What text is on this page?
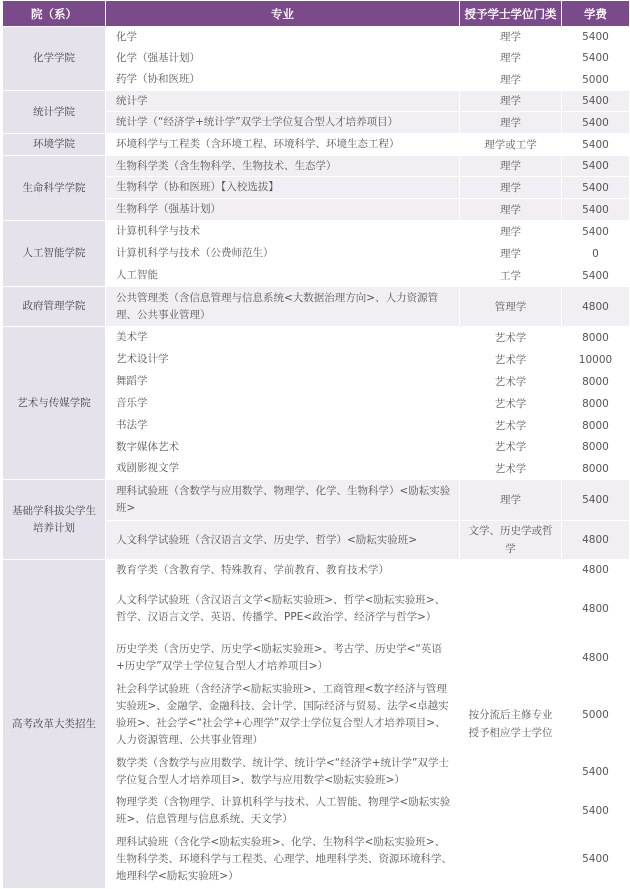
院（系）	专业	授予学士学位门类	学费
化学学院	化学	理学	5400
	化学（强基计划）	理学	5400
	药学（协和医班）	理学	5000
统计学院	统计学	理学	5400
	统计学（“经济学+统计学”双学士学位复合型人才培养项目）	理学	5400
环境学院	环境科学与工程类（含环境工程、环境科学、环境生态工程）	理学或工学	5400
生命科学学院	生物科学类（含生物科学、生物技术、生态学）	理学	5400
	生物科学（协和医班）【入校选拔】	理学	5400
	生物科学（强基计划）	理学	5400
人工智能学院	计算机科学与技术	理学	5400
	计算机科学与技术（公费师范生）	理学	0
	人工智能	工学	5400
政府管理学院	公共管理类（含信息管理与信息系统<大数据治理方向>、人力资源管理、公共事业管理）	管理学	4800
艺术与传媒学院	美术学	艺术学	8000
	艺术设计学	艺术学	10000
	舞蹈学	艺术学	8000
	音乐学	艺术学	8000
	书法学	艺术学	8000
	数字媒体艺术	艺术学	8000
	戏剧影视文学	艺术学	8000
基础学科拔尖学生培养计划	理科试验班（含数学与应用数学、物理学、化学、生物科学）<励耘实验班>	理学	5400
	人文科学试验班（含汉语言文学、历史学、哲学）<励耘实验班>	文学、历史学或哲学	4800
高考改革大类招生	教育学类（含教育学、特殊教育、学前教育、教育技术学）	按分流后主修专业授予相应学士学位	4800
	人文科学试验班（含汉语言文学<励耘实验班>、哲学<励耘实验班>、哲学、汉语言文学、英语、传播学、PPE<政治学、经济学与哲学>）		4800
	历史学类（含历史学、历史学<励耘实验班>、考古学、历史学<“英语+历史学”双学士学位复合型人才培养项目>）		4800
	社会科学试验班（含经济学<励耘实验班>、工商管理<数字经济与管理实验班>、金融学、金融科技、会计学、国际经济与贸易、法学<卓越实验班>、社会学<“社会学+心理学”双学士学位复合型人才培养项目>、人力资源管理、公共事业管理）		5000
	数学类（含数学与应用数学、统计学、统计学<“经济学+统计学”双学士学位复合型人才培养项目>、数学与应用数学<励耘实验班>）		5400
	物理学类（含物理学、计算机科学与技术、人工智能、物理学<励耘实验班>、信息管理与信息系统、天文学）		5400
	理科试验班（含化学<励耘实验班>、化学、生物科学<励耘实验班>、生物科学类、环境科学与工程类、心理学、地理科学类、资源环境科学、地理科学<励耘实验班>）		5400
